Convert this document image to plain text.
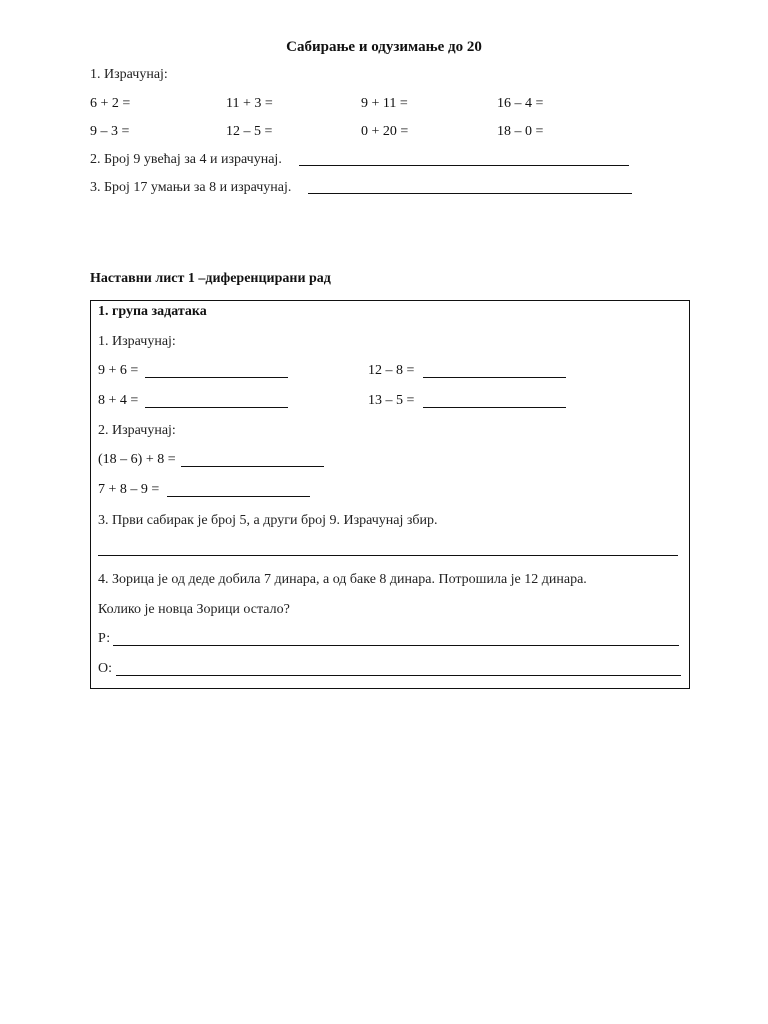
Сабирање и одузимање до 20
1. Израчунај:
6 + 2 =	11 + 3 =	9 + 11 =	16 – 4 =
9 – 3 =	12 – 5 =	0 + 20 =	18 – 0 =
2. Број 9 увећај за 4 и израчунај.
3. Број 17 умањи за 8 и израчунај.
Наставни лист 1 –диференцирани рад
1. група задатака
1. Израчунај:
9 + 6 =	12 – 8 =
8 + 4 =	13 – 5 =
2. Израчунај:
(18 – 6) + 8 =
7 + 8 – 9 =
3. Први сабирак је број 5, а други број 9. Израчунај збир.
4. Зорица је од деде добила 7 динара, а од баке 8 динара. Потрошила је 12 динара.
Колико је новца Зорици остало?
Р:
О:
